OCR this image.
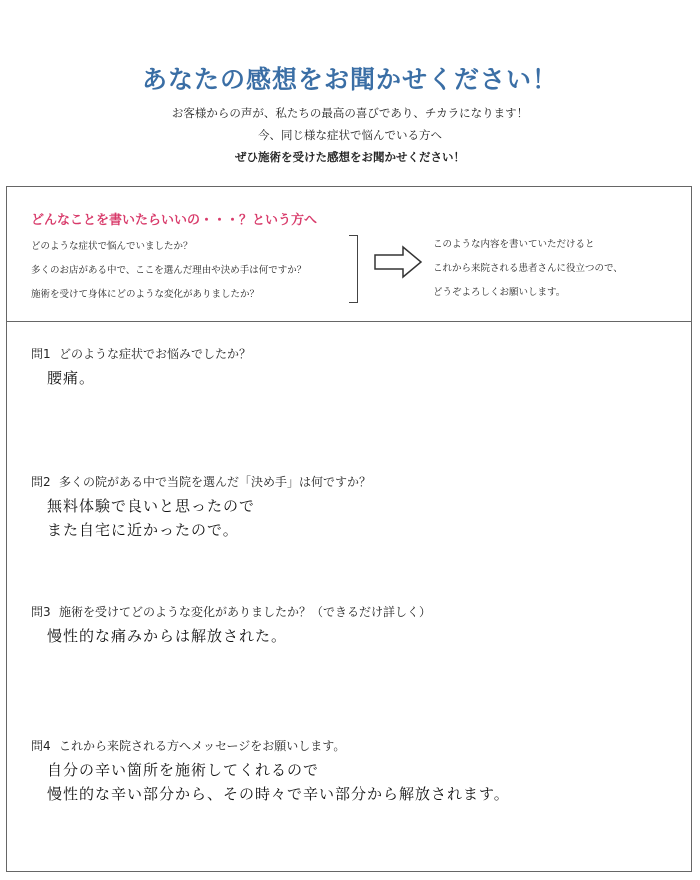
あなたの感想をお聞かせください！
お客様からの声が、私たちの最高の喜びであり、チカラになります！
今、同じ様な症状で悩んでいる方へ
ぜひ施術を受けた感想をお聞かせください！
どんなことを書いたらいいの・・・？という方へ
どのような症状で悩んでいましたか？
多くのお店がある中で、ここを選んだ理由や決め手は何ですか？
施術を受けて身体にどのような変化がありましたか？
このような内容を書いていただけると
これから来院される患者さんに役立つので、
どうぞよろしくお願いします。
問1 どのような症状でお悩みでしたか？
腰痛。
問2 多くの院がある中で当院を選んだ「決め手」は何ですか？
無料体験で良いと思ったので
また自宅に近かったので。
問3 施術を受けてどのような変化がありましたか？（できるだけ詳しく）
慢性的な痛みからは解放された。
問4 これから来院される方へメッセージをお願いします。
自分の辛い箇所を施術してくれるので
慢性的な辛い部分から、その時々で辛い部分から解放されます。
